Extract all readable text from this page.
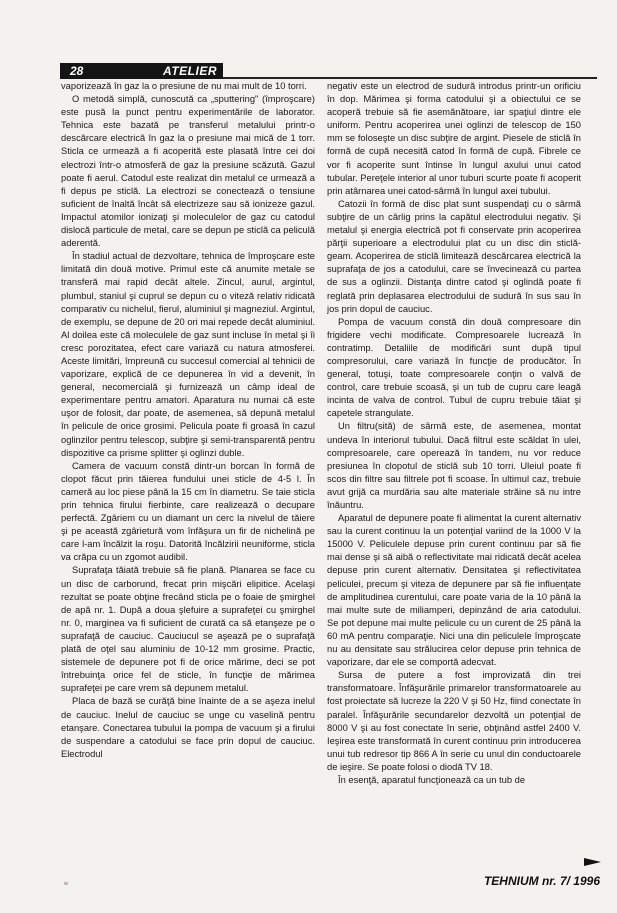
28	ATELIER

vaporizează în gaz la o presiune de nu mai mult de 10 torri.

O metodă simplă, cunoscută ca „sputtering" (împroşcare) este pusă la punct pentru experimentările de laborator. Tehnica este bazată pe transferul metalului printr-o descărcare electrică în gaz la o presiune mai mică de 1 torr. Sticla ce urmează a fi acoperită este plasată între cei doi electrozi într-o atmosferă de gaz la presiune scăzută. Gazul poate fi aerul. Catodul este realizat din metalul ce urmează a fi depus pe sticlă. La electrozi se conectează o tensiune suficient de înaltă încât să electrizeze sau să ionizeze gazul. Impactul atomilor ionizaţi şi moleculelor de gaz cu catodul dislocă particule de metal, care se depun pe sticlă ca peliculă aderentă.

În stadiul actual de dezvoltare, tehnica de împroşcare este limitată din două motive. Primul este că anumite metale se transferă mai rapid decât altele. Zincul, aurul, argintul, plumbul, staniul şi cuprul se depun cu o viteză relativ ridicată comparativ cu nichelul, fierul, aluminiul şi magneziul. Argintul, de exemplu, se depune de 20 ori mai repede decât aluminiul. Al doilea este că moleculele de gaz sunt incluse în metal şi îi cresc porozitatea, efect care variază cu natura atmosferei. Aceste limitări, împreună cu succesul comercial al tehnicii de vaporizare, explică de ce depunerea în vid a devenit, în general, necomercială şi furnizează un câmp ideal de experimentare pentru amatori. Aparatura nu numai că este uşor de folosit, dar poate, de asemenea, să depună metalul în pelicule de orice grosimi. Pelicula poate fi groasă în cazul oglinzilor pentru telescop, subţire şi semi-transparentă pentru dispozitive ca prisme splitter şi oglinzi duble.

Camera de vacuum constă dintr-un borcan în formă de clopot făcut prin tăierea fundului unei sticle de 4-5 l. În cameră au loc piese până la 15 cm în diametru. Se taie sticla prin tehnica firului fierbinte, care realizează o decupare perfectă. Zgâriem cu un diamant un cerc la nivelul de tăiere şi pe această zgârietură vom înfăşura un fir de nichelină pe care l-am încălzit la roşu. Datorită încălzirii neuniforme, sticla va crăpa cu un zgomot audibil.

Suprafaţa tăiată trebuie să fie plană. Planarea se face cu un disc de carborund, frecat prin mişcări elipitice. Acelaşi rezultat se poate obţine frecând sticla pe o foaie de şmirghel de apă nr. 1. După a doua şlefuire a suprafeţei cu şmirghel nr. 0, marginea va fi suficient de curată ca să etanşeze pe o suprafaţă de cauciuc. Cauciucul se aşează pe o suprafaţă plată de oţel sau aluminiu de 10-12 mm grosime. Practic, sistemele de depunere pot fi de orice mărime, deci se pot întrebuinţa orice fel de sticle, în funcţie de mărimea suprafeţei pe care vrem să depunem metalul.

Placa de bază se curăţă bine înainte de a se aşeza inelul de cauciuc. Inelul de cauciuc se unge cu vaselină pentru etanşare. Conectarea tubului la pompa de vacuum şi a firului de suspendare a catodului se face prin dopul de cauciuc. Electrodul

negativ este un electrod de sudură introdus printr-un orificiu în dop. Mărimea şi forma catodului şi a obiectului ce se acoperă trebuie să fie asemănătoare, iar spaţiul dintre ele uniform. Pentru acoperirea unei oglinzi de telescop de 150 mm se foloseşte un disc subţire de argint. Piesele de sticlă în formă de cupă necesită catod în formă de cupă. Fibrele ce vor fi acoperite sunt întinse în lungul axului unui catod tubular. Pereţele interior al unor tuburi scurte poate fi acoperit prin atârnarea unei catod-sârmă în lungul axei tubului.

Catozii în formă de disc plat sunt suspendaţi cu o sârmă subţire de un cârlig prins la capătul electrodului negativ. Şi metalul şi energia electrică pot fi conservate prin acoperirea părţii superioare a electrodului plat cu un disc din sticlă-geam. Acoperirea de sticlă limitează descărcarea electrică la suprafaţa de jos a catodului, care se învecinează cu partea de sus a oglinzii. Distanţa dintre catod şi oglindă poate fi reglată prin deplasarea electrodului de sudură în sus sau în jos prin dopul de cauciuc.

Pompa de vacuum constă din două compresoare din frigidere vechi modificate. Compresoarele lucrează în contratimp. Detaliile de modificări sunt după tipul compresorului, care variază în funcţie de producător. În general, totuşi, toate compresoarele conţin o valvă de control, care trebuie scoasă, şi un tub de cupru care leagă incinta de valva de control. Tubul de cupru trebuie tăiat şi capetele strangulate.

Un filtru(sită) de sârmă este, de asemenea, montat undeva în interiorul tubului. Dacă filtrul este scăldat în ulei, compresoarele, care operează în tandem, nu vor reduce presiunea în clopotul de sticlă sub 10 torri. Uleiul poate fi scos din filtre sau filtrele pot fi scoase. În ultimul caz, trebuie avut grijă ca murdăria sau alte materiale străine să nu intre înăuntru.

Aparatul de depunere poate fi alimentat la curent alternativ sau la curent continuu la un potenţial variind de la 1000 V la 15000 V. Peliculele depuse prin curent continuu par să fie mai dense şi să aibă o reflectivitate mai ridicată decât acelea depuse prin curent alternativ. Densitatea şi reflectivitatea peliculei, precum şi viteza de depunere par să fie influenţate de amplitudinea curentului, care poate varia de la 10 până la mai multe sute de miliamperi, depinzând de aria catodului. Se pot depune mai multe pelicule cu un curent de 25 până la 60 mA pentru comparaţie. Nici una din peliculele împroşcate nu au densitate sau strălucirea celor depuse prin tehnica de vaporizare, dar ele se comportă adecvat.

Sursa de putere a fost improvizată din trei transformatoare. Înfăşurările primarelor transformatoarele au fost proiectate să lucreze la 220 V şi 50 Hz, fiind conectate în paralel. Înfăşurările secundarelor dezvoltă un potenţial de 8000 V şi au fost conectate în serie, obţinând astfel 2400 V. Ieşirea este transformată în curent continuu prin introducerea unui tub redresor tip 866 A în serie cu unul din conductoarele de ieşire. Se poate folosi o diodă TV 18.

În esenţă, aparatul funcţionează ca un tub de

TEHNIUM nr. 7/ 1996
